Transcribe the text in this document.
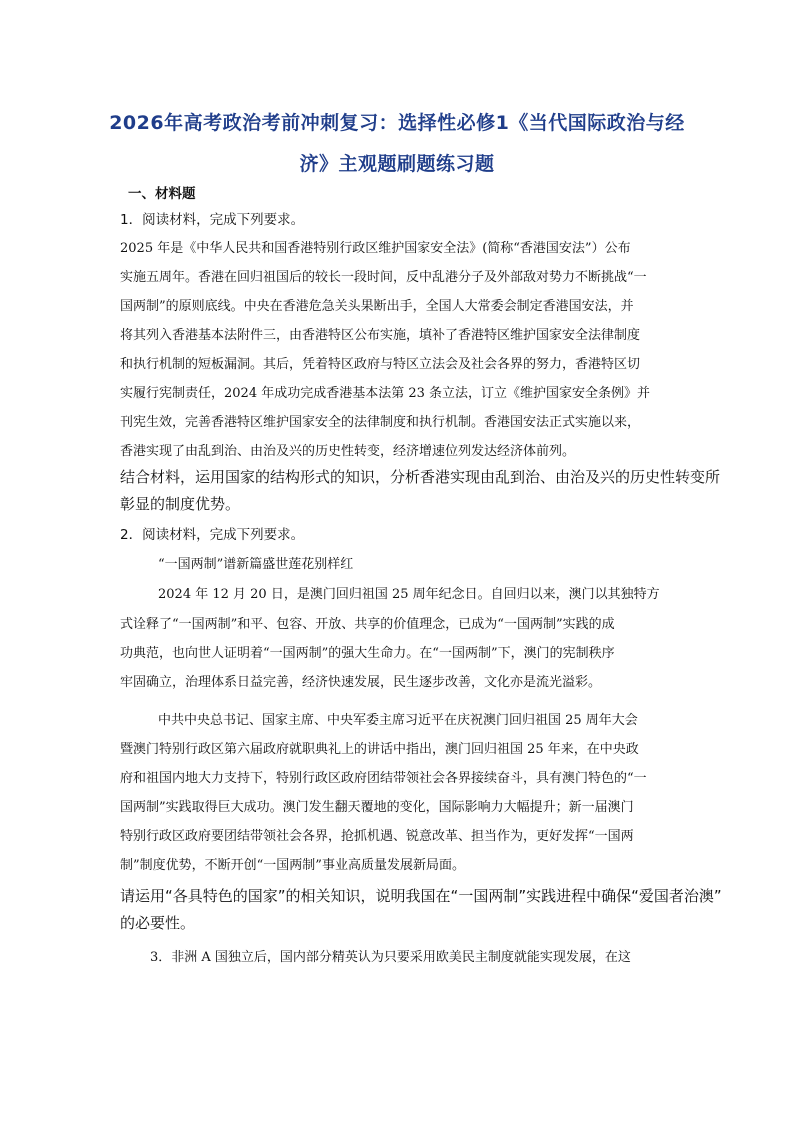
2026年高考政治考前冲刺复习：选择性必修1《当代国际政治与经
济》主观题刷题练习题
一、材料题
1．阅读材料，完成下列要求。
2025 年是《中华人民共和国香港特别行政区维护国家安全法》(简称“香港国安法”）公布
实施五周年。香港在回归祖国后的较长一段时间，反中乱港分子及外部敌对势力不断挑战“一
国两制”的原则底线。中央在香港危急关头果断出手，全国人大常委会制定香港国安法，并
将其列入香港基本法附件三，由香港特区公布实施，填补了香港特区维护国家安全法律制度
和执行机制的短板漏洞。其后，凭着特区政府与特区立法会及社会各界的努力，香港特区切
实履行宪制责任，2024 年成功完成香港基本法第 23 条立法，订立《维护国家安全条例》并
刊宪生效，完善香港特区维护国家安全的法律制度和执行机制。香港国安法正式实施以来，
香港实现了由乱到治、由治及兴的历史性转变，经济增速位列发达经济体前列。
结合材料，运用国家的结构形式的知识，分析香港实现由乱到治、由治及兴的历史性转变所
彰显的制度优势。
2．阅读材料，完成下列要求。
“一国两制”谱新篇盛世莲花别样红
2024 年 12 月 20 日，是澳门回归祖国 25 周年纪念日。自回归以来，澳门以其独特方
式诠释了“一国两制”和平、包容、开放、共享的价值理念，已成为“一国两制”实践的成
功典范，也向世人证明着“一国两制”的强大生命力。在“一国两制”下，澳门的宪制秩序
牢固确立，治理体系日益完善，经济快速发展，民生逐步改善，文化亦是流光溢彩。
中共中央总书记、国家主席、中央军委主席习近平在庆祝澳门回归祖国 25 周年大会
暨澳门特别行政区第六届政府就职典礼上的讲话中指出，澳门回归祖国 25 年来，在中央政
府和祖国内地大力支持下，特别行政区政府团结带领社会各界接续奋斗，具有澳门特色的“一
国两制”实践取得巨大成功。澳门发生翻天覆地的变化，国际影响力大幅提升；新一届澳门
特别行政区政府要团结带领社会各界，抢抓机遇、锐意改革、担当作为，更好发挥“一国两
制”制度优势，不断开创“一国两制”事业高质量发展新局面。
请运用“各具特色的国家”的相关知识，说明我国在“一国两制”实践进程中确保“爱国者治澳”
的必要性。
3．非洲 A 国独立后，国内部分精英认为只要采用欧美民主制度就能实现发展，在这
